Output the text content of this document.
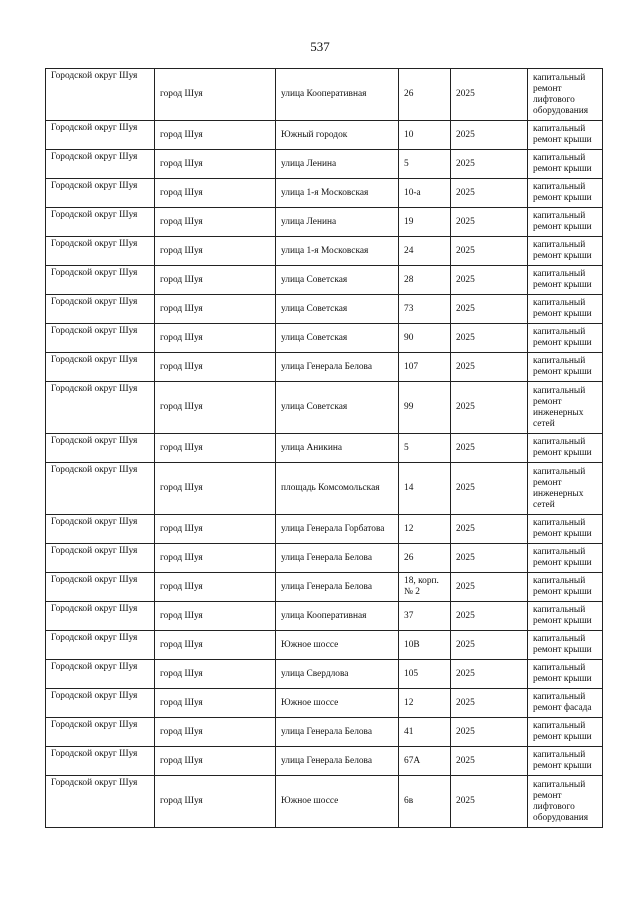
537
Городской округ Шуя	город Шуя	улица Кооперативная	26	2025	капитальный ремонт лифтового оборудования
Городской округ Шуя	город Шуя	Южный городок	10	2025	капитальный ремонт крыши
Городской округ Шуя	город Шуя	улица Ленина	5	2025	капитальный ремонт крыши
Городской округ Шуя	город Шуя	улица 1-я Московская	10-а	2025	капитальный ремонт крыши
Городской округ Шуя	город Шуя	улица Ленина	19	2025	капитальный ремонт крыши
Городской округ Шуя	город Шуя	улица 1-я Московская	24	2025	капитальный ремонт крыши
Городской округ Шуя	город Шуя	улица Советская	28	2025	капитальный ремонт крыши
Городской округ Шуя	город Шуя	улица Советская	73	2025	капитальный ремонт крыши
Городской округ Шуя	город Шуя	улица Советская	90	2025	капитальный ремонт крыши
Городской округ Шуя	город Шуя	улица Генерала Белова	107	2025	капитальный ремонт крыши
Городской округ Шуя	город Шуя	улица Советская	99	2025	капитальный ремонт инженерных сетей
Городской округ Шуя	город Шуя	улица Аникина	5	2025	капитальный ремонт крыши
Городской округ Шуя	город Шуя	площадь Комсомольская	14	2025	капитальный ремонт инженерных сетей
Городской округ Шуя	город Шуя	улица Генерала Горбатова	12	2025	капитальный ремонт крыши
Городской округ Шуя	город Шуя	улица Генерала Белова	26	2025	капитальный ремонт крыши
Городской округ Шуя	город Шуя	улица Генерала Белова	18, корп. № 2	2025	капитальный ремонт крыши
Городской округ Шуя	город Шуя	улица Кооперативная	37	2025	капитальный ремонт крыши
Городской округ Шуя	город Шуя	Южное шоссе	10В	2025	капитальный ремонт крыши
Городской округ Шуя	город Шуя	улица Свердлова	105	2025	капитальный ремонт крыши
Городской округ Шуя	город Шуя	Южное шоссе	12	2025	капитальный ремонт фасада
Городской округ Шуя	город Шуя	улица Генерала Белова	41	2025	капитальный ремонт крыши
Городской округ Шуя	город Шуя	улица Генерала Белова	67А	2025	капитальный ремонт крыши
Городской округ Шуя	город Шуя	Южное шоссе	6в	2025	капитальный ремонт лифтового оборудования
